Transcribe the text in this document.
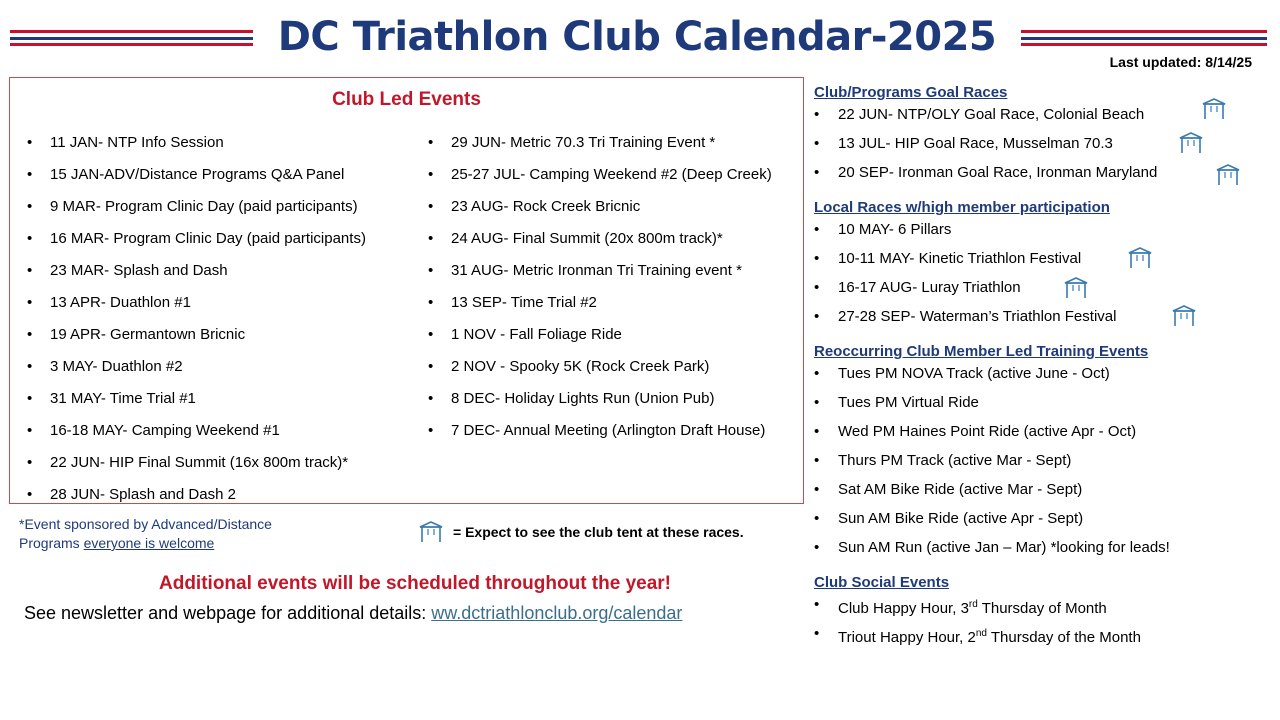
DC Triathlon Club Calendar-2025
Last updated: 8/14/25
Club Led Events
• 11 JAN- NTP Info Session
• 15 JAN-ADV/Distance Programs Q&A Panel
• 9 MAR- Program Clinic Day (paid participants)
• 16 MAR- Program Clinic Day (paid participants)
• 23 MAR- Splash and Dash
• 13 APR- Duathlon #1
• 19 APR- Germantown Bricnic
• 3 MAY- Duathlon #2
• 31 MAY- Time Trial #1
• 16-18 MAY- Camping Weekend #1
• 22 JUN- HIP Final Summit (16x 800m track)*
• 28 JUN- Splash and Dash 2
• 29 JUN- Metric 70.3 Tri Training Event *
• 25-27 JUL- Camping Weekend #2 (Deep Creek)
• 23 AUG- Rock Creek Bricnic
• 24 AUG- Final Summit (20x 800m track)*
• 31 AUG- Metric Ironman Tri Training event *
• 13 SEP- Time Trial #2
• 1 NOV - Fall Foliage Ride
• 2 NOV - Spooky 5K (Rock Creek Park)
• 8 DEC- Holiday Lights Run (Union Pub)
• 7 DEC- Annual Meeting (Arlington Draft House)
*Event sponsored by Advanced/Distance
Programs everyone is welcome
= Expect to see the club tent at these races.
Additional events will be scheduled throughout the year!
See newsletter and webpage for additional details: ww.dctriathlonclub.org/calendar
Club/Programs Goal Races
• 22 JUN- NTP/OLY Goal Race, Colonial Beach
• 13 JUL- HIP Goal Race, Musselman 70.3
• 20 SEP- Ironman Goal Race, Ironman Maryland
Local Races w/high member participation
• 10 MAY- 6 Pillars
• 10-11 MAY- Kinetic Triathlon Festival
• 16-17 AUG- Luray Triathlon
• 27-28 SEP- Waterman’s Triathlon Festival
Reoccurring Club Member Led Training Events
• Tues PM NOVA Track (active June - Oct)
• Tues PM Virtual Ride
• Wed PM Haines Point Ride (active Apr - Oct)
• Thurs PM Track (active Mar - Sept)
• Sat AM Bike Ride (active Mar - Sept)
• Sun AM Bike Ride (active Apr - Sept)
• Sun AM Run (active Jan – Mar) *looking for leads!
Club Social Events
• Club Happy Hour, 3rd Thursday of Month
• Triout Happy Hour, 2nd Thursday of the Month
